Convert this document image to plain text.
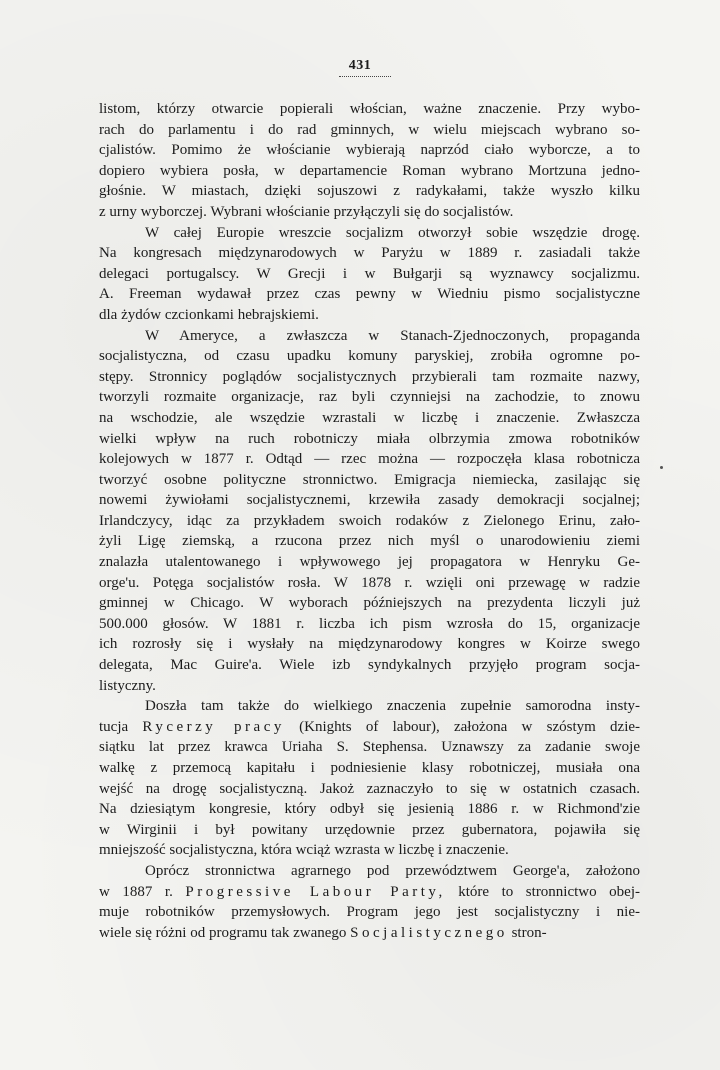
431
listom, którzy otwarcie popierali włościan, ważne znaczenie. Przy wybo-
rach do parlamentu i do rad gminnych, w wielu miejscach wybrano so-
cjalistów. Pomimo że włościanie wybierają naprzód ciało wyborcze, a to
dopiero wybiera posła, w departamencie Roman wybrano Mortzuna jedno-
głośnie. W miastach, dzięki sojuszowi z radykałami, także wyszło kilku
z urny wyborczej. Wybrani włościanie przyłączyli się do socjalistów.
W całej Europie wreszcie socjalizm otworzył sobie wszędzie drogę.
Na kongresach międzynarodowych w Paryżu w 1889 r. zasiadali także
delegaci portugalscy. W Grecji i w Bułgarji są wyznawcy socjalizmu.
A. Freeman wydawał przez czas pewny w Wiedniu pismo socjalistyczne
dla żydów czcionkami hebrajskiemi.
W Ameryce, a zwłaszcza w Stanach-Zjednoczonych, propaganda
socjalistyczna, od czasu upadku komuny paryskiej, zrobiła ogromne po-
stępy. Stronnicy poglądów socjalistycznych przybierali tam rozmaite nazwy,
tworzyli rozmaite organizacje, raz byli czynniejsi na zachodzie, to znowu
na wschodzie, ale wszędzie wzrastali w liczbę i znaczenie. Zwłaszcza
wielki wpływ na ruch robotniczy miała olbrzymia zmowa robotników
kolejowych w 1877 r. Odtąd — rzec można — rozpoczęła klasa robotnicza
tworzyć osobne polityczne stronnictwo. Emigracja niemiecka, zasilając się
nowemi żywiołami socjalistycznemi, krzewiła zasady demokracji socjalnej;
Irlandczycy, idąc za przykładem swoich rodaków z Zielonego Erinu, zało-
żyli Ligę ziemską, a rzucona przez nich myśl o unarodowieniu ziemi
znalazła utalentowanego i wpływowego jej propagatora w Henryku Ge-
orge'u. Potęga socjalistów rosła. W 1878 r. wzięli oni przewagę w radzie
gminnej w Chicago. W wyborach późniejszych na prezydenta liczyli już
500.000 głosów. W 1881 r. liczba ich pism wzrosła do 15, organizacje
ich rozrosły się i wysłały na międzynarodowy kongres w Koirze swego
delegata, Mac Guire'a. Wiele izb syndykalnych przyjęło program socja-
listyczny.
Doszła tam także do wielkiego znaczenia zupełnie samorodna insty-
tucja Rycerzy pracy (Knights of labour), założona w szóstym dzie-
siątku lat przez krawca Uriaha S. Stephensa. Uznawszy za zadanie swoje
walkę z przemocą kapitału i podniesienie klasy robotniczej, musiała ona
wejść na drogę socjalistyczną. Jakoż zaznaczyło to się w ostatnich czasach.
Na dziesiątym kongresie, który odbył się jesienią 1886 r. w Richmond'zie
w Wirginii i był powitany urzędownie przez gubernatora, pojawiła się
mniejszość socjalistyczna, która wciąż wzrasta w liczbę i znaczenie.
Oprócz stronnictwa agrarnego pod przewództwem George'a, założono
w 1887 r. Progressive Labour Party, które to stronnictwo obej-
muje robotników przemysłowych. Program jego jest socjalistyczny i nie-
wiele się różni od programu tak zwanego Socjalistycznego stron-
